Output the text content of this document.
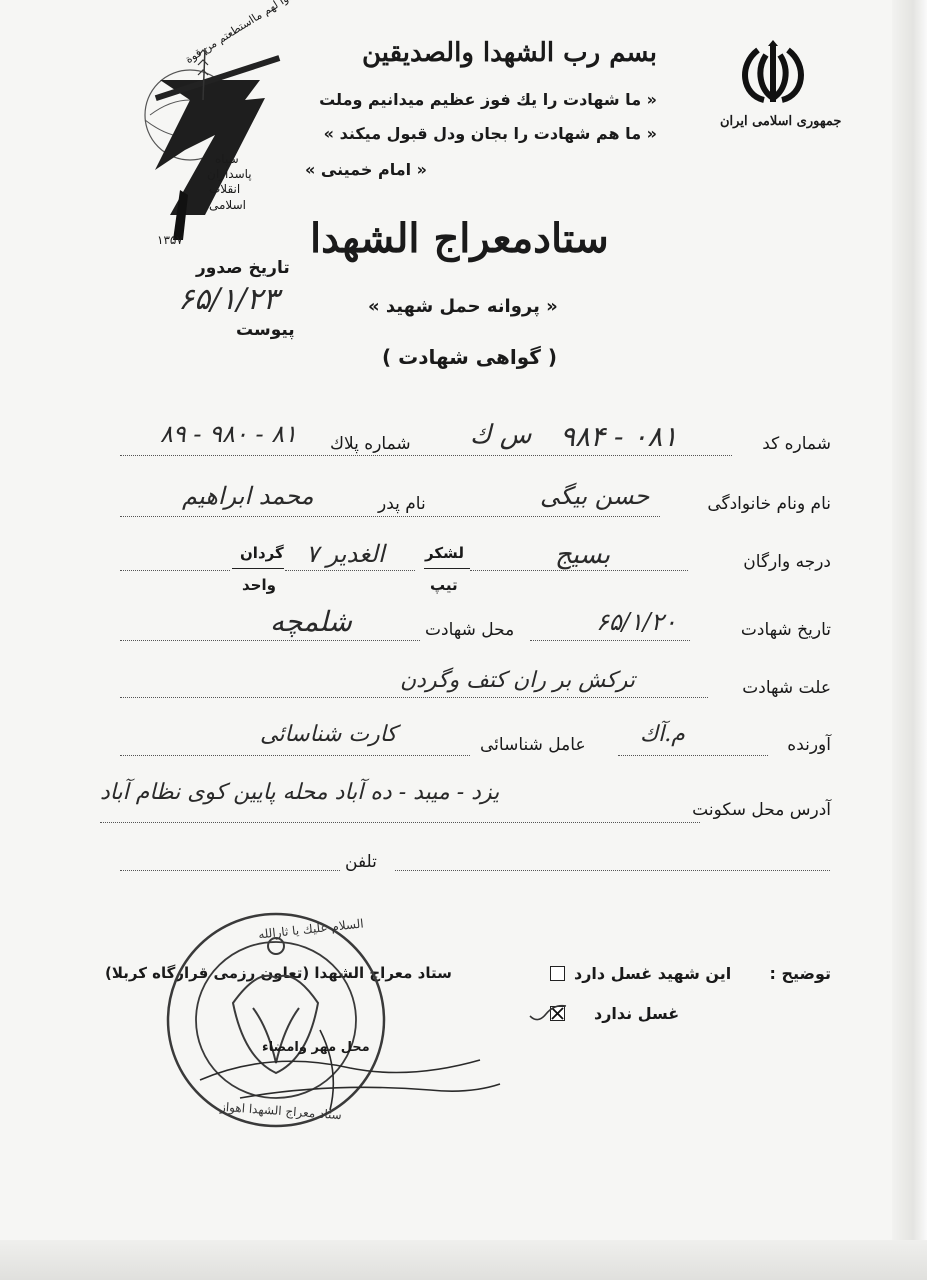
جمهوری اسلامی ایران
سپاه
پاسداران
انقلاب
اسلامی
۱۳۵۷
بسم رب الشهدا والصديقين
« ما شهادت را یك فوز عظیم میدانیم وملت
« ما هم شهادت را بجان ودل قبول میکند »
« امام خمینی »
ستادمعراج الشهدا
« پروانه حمل شهید »
( گواهی شهادت )
تاریخ صدور
۶۵/۱/۲۳
پیوست
شماره کد
۹۸۴ - ۰۸۱
س ك
شماره پلاك
۸۹ - ۹۸۰ - ۸۱
نام ونام خانوادگی
حسن بیگی
نام پدر
محمد ابراهیم
درجه وارگان
بسیج
لشکر
تیپ
۷ الغدیر
گردان
واحد
تاریخ شهادت
۶۵/۱/۲۰
محل شهادت
شلمچه
علت شهادت
ترکش بر ران کتف وگردن
آورنده
م.آك
عامل شناسائی
کارت شناسائی
آدرس محل سکونت
یزد - میبد - ده آباد محله پایین کوی نظام آباد
تلفن
توضیح :
این شهید غسل دارد
غسل ندارد
ستاد معراج الشهدا (تعاون رزمی قرارگاه کربلا)
السلام علیك یا ثارالله
ستاد معراج الشهدا اهواز
محل مهر وامضاء
